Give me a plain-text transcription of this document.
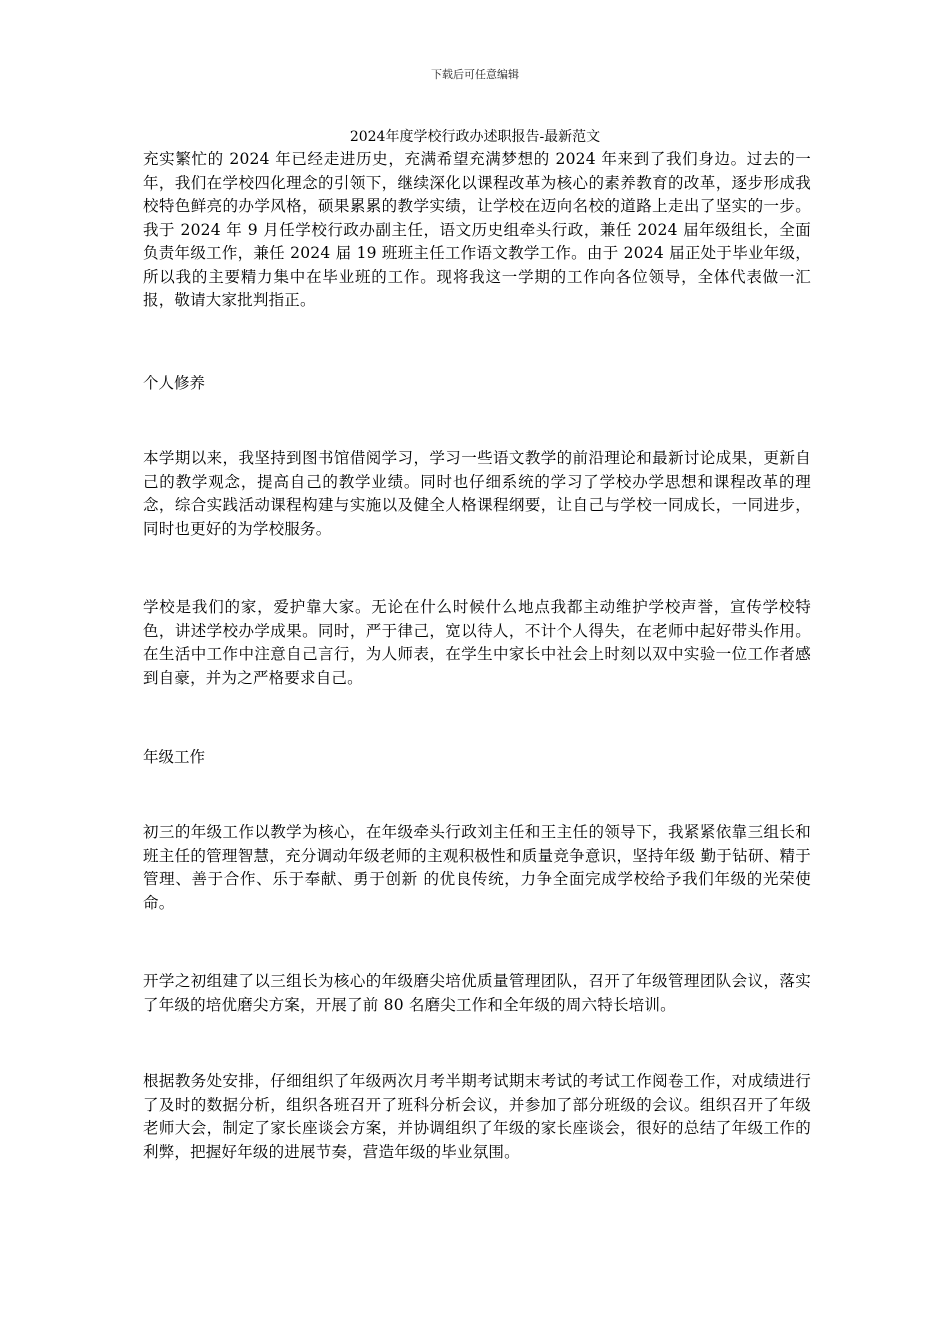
下载后可任意编辑
2024年度学校行政办述职报告-最新范文
充实繁忙的 2024 年已经走进历史，充满希望充满梦想的 2024 年来到了我们身边。过去的一年，我们在学校四化理念的引领下，继续深化以课程改革为核心的素养教育的改革，逐步形成我校特色鲜亮的办学风格，硕果累累的教学实绩，让学校在迈向名校的道路上走出了坚实的一步。我于 2024 年 9 月任学校行政办副主任，语文历史组牵头行政，兼任 2024 届年级组长，全面负责年级工作，兼任 2024 届 19 班班主任工作语文教学工作。由于 2024 届正处于毕业年级，所以我的主要精力集中在毕业班的工作。现将我这一学期的工作向各位领导，全体代表做一汇报，敬请大家批判指正。
个人修养
本学期以来，我坚持到图书馆借阅学习，学习一些语文教学的前沿理论和最新讨论成果，更新自己的教学观念，提高自己的教学业绩。同时也仔细系统的学习了学校办学思想和课程改革的理念，综合实践活动课程构建与实施以及健全人格课程纲要，让自己与学校一同成长，一同进步，同时也更好的为学校服务。
学校是我们的家，爱护靠大家。无论在什么时候什么地点我都主动维护学校声誉，宣传学校特色，讲述学校办学成果。同时，严于律己，宽以待人，不计个人得失，在老师中起好带头作用。在生活中工作中注意自己言行，为人师表，在学生中家长中社会上时刻以双中实验一位工作者感到自豪，并为之严格要求自己。
年级工作
初三的年级工作以教学为核心，在年级牵头行政刘主任和王主任的领导下，我紧紧依靠三组长和班主任的管理智慧，充分调动年级老师的主观积极性和质量竞争意识，坚持年级 勤于钻研、精于管理、善于合作、乐于奉献、勇于创新 的优良传统，力争全面完成学校给予我们年级的光荣使命。
开学之初组建了以三组长为核心的年级磨尖培优质量管理团队，召开了年级管理团队会议，落实了年级的培优磨尖方案，开展了前 80 名磨尖工作和全年级的周六特长培训。
根据教务处安排，仔细组织了年级两次月考半期考试期末考试的考试工作阅卷工作，对成绩进行了及时的数据分析，组织各班召开了班科分析会议，并参加了部分班级的会议。组织召开了年级老师大会，制定了家长座谈会方案，并协调组织了年级的家长座谈会，很好的总结了年级工作的利弊，把握好年级的进展节奏，营造年级的毕业氛围。
